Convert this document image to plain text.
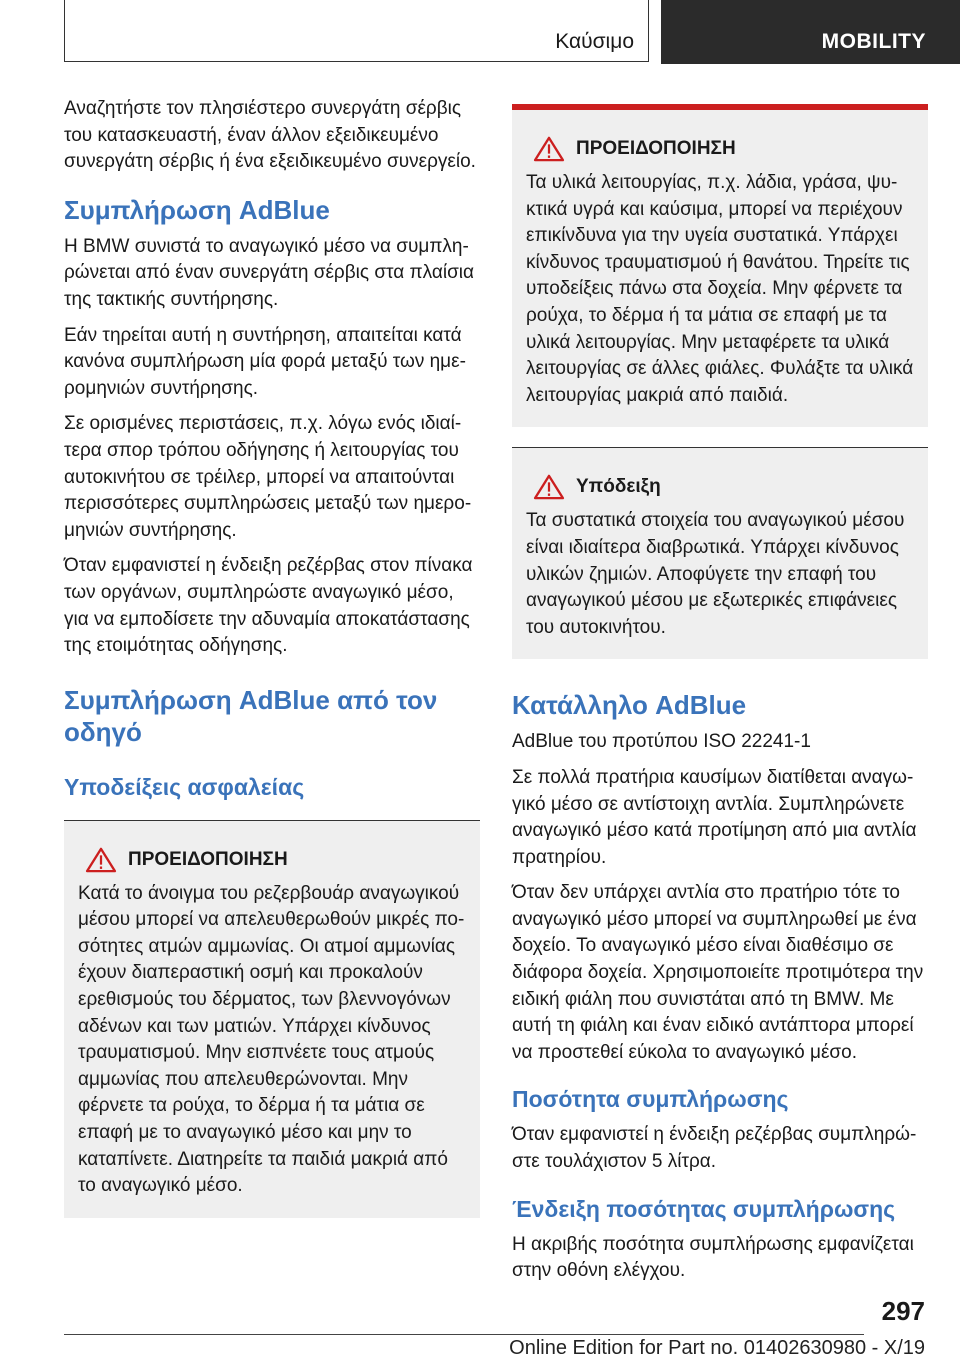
Καύσιμο	MOBILITY

Αναζητήστε τον πλησιέστερο συνεργάτη σέρβις του κατασκευαστή, έναν άλλον εξειδικευμένο συνεργάτη σέρβις ή ένα εξειδικευμένο συνεργείο.

Συμπλήρωση AdBlue

Η BMW συνιστά το αναγωγικό μέσο να συμπληρώνεται από έναν συνεργάτη σέρβις στα πλαίσια της τακτικής συντήρησης.

Εάν τηρείται αυτή η συντήρηση, απαιτείται κατά κανόνα συμπλήρωση μία φορά μεταξύ των ημερομηνιών συντήρησης.

Σε ορισμένες περιστάσεις, π.χ. λόγω ενός ιδιαίτερα σπορ τρόπου οδήγησης ή λειτουργίας του αυτοκινήτου σε τρέιλερ, μπορεί να απαιτούνται περισσότερες συμπληρώσεις μεταξύ των ημερομηνιών συντήρησης.

Όταν εμφανιστεί η ένδειξη ρεζέρβας στον πίνακα των οργάνων, συμπληρώστε αναγωγικό μέσο, για να εμποδίσετε την αδυναμία αποκατάστασης της ετοιμότητας οδήγησης.

Συμπλήρωση AdBlue από τον οδηγό
Υποδείξεις ασφαλείας
ΠΡΟΕΙΔΟΠΟΙΗΣΗ

Κατά το άνοιγμα του ρεζερβουάρ αναγωγικού μέσου μπορεί να απελευθερωθούν μικρές ποσότητες ατμών αμμωνίας. Οι ατμοί αμμωνίας έχουν διαπεραστική οσμή και προκαλούν ερεθισμούς του δέρματος, των βλεννογόνων αδένων και των ματιών. Υπάρχει κίνδυνος τραυματισμού. Μην εισπνέετε τους ατμούς αμμωνίας που απελευθερώνονται. Μην φέρνετε τα ρούχα, το δέρμα ή τα μάτια σε επαφή με το αναγωγικό μέσο και μην το καταπίνετε. Διατηρείτε τα παιδιά μακριά από το αναγωγικό μέσο.

ΠΡΟΕΙΔΟΠΟΙΗΣΗ

Τα υλικά λειτουργίας, π.χ. λάδια, γράσα, ψυκτικά υγρά και καύσιμα, μπορεί να περιέχουν επικίνδυνα για την υγεία συστατικά. Υπάρχει κίνδυνος τραυματισμού ή θανάτου. Τηρείτε τις υποδείξεις πάνω στα δοχεία. Μην φέρνετε τα ρούχα, το δέρμα ή τα μάτια σε επαφή με τα υλικά λειτουργίας. Μην μεταφέρετε τα υλικά λειτουργίας σε άλλες φιάλες. Φυλάξτε τα υλικά λειτουργίας μακριά από παιδιά.

Υπόδειξη

Τα συστατικά στοιχεία του αναγωγικού μέσου είναι ιδιαίτερα διαβρωτικά. Υπάρχει κίνδυνος υλικών ζημιών. Αποφύγετε την επαφή του αναγωγικού μέσου με εξωτερικές επιφάνειες του αυτοκινήτου.

Κατάλληλο AdBlue

AdBlue του προτύπου ISO 22241-1

Σε πολλά πρατήρια καυσίμων διατίθεται αναγωγικό μέσο σε αντίστοιχη αντλία. Συμπληρώνετε αναγωγικό μέσο κατά προτίμηση από μια αντλία πρατηρίου.

Όταν δεν υπάρχει αντλία στο πρατήριο τότε το αναγωγικό μέσο μπορεί να συμπληρωθεί με ένα δοχείο. Το αναγωγικό μέσο είναι διαθέσιμο σε διάφορα δοχεία. Χρησιμοποιείτε προτιμότερα την ειδική φιάλη που συνιστάται από τη BMW. Με αυτή τη φιάλη και έναν ειδικό αντάπτορα μπορεί να προστεθεί εύκολα το αναγωγικό μέσο.

Ποσότητα συμπλήρωσης

Όταν εμφανιστεί η ένδειξη ρεζέρβας συμπληρώστε τουλάχιστον 5 λίτρα.

Ένδειξη ποσότητας συμπλήρωσης

Η ακριβής ποσότητα συμπλήρωσης εμφανίζεται στην οθόνη ελέγχου.

297
Online Edition for Part no. 01402630980 - X/19
